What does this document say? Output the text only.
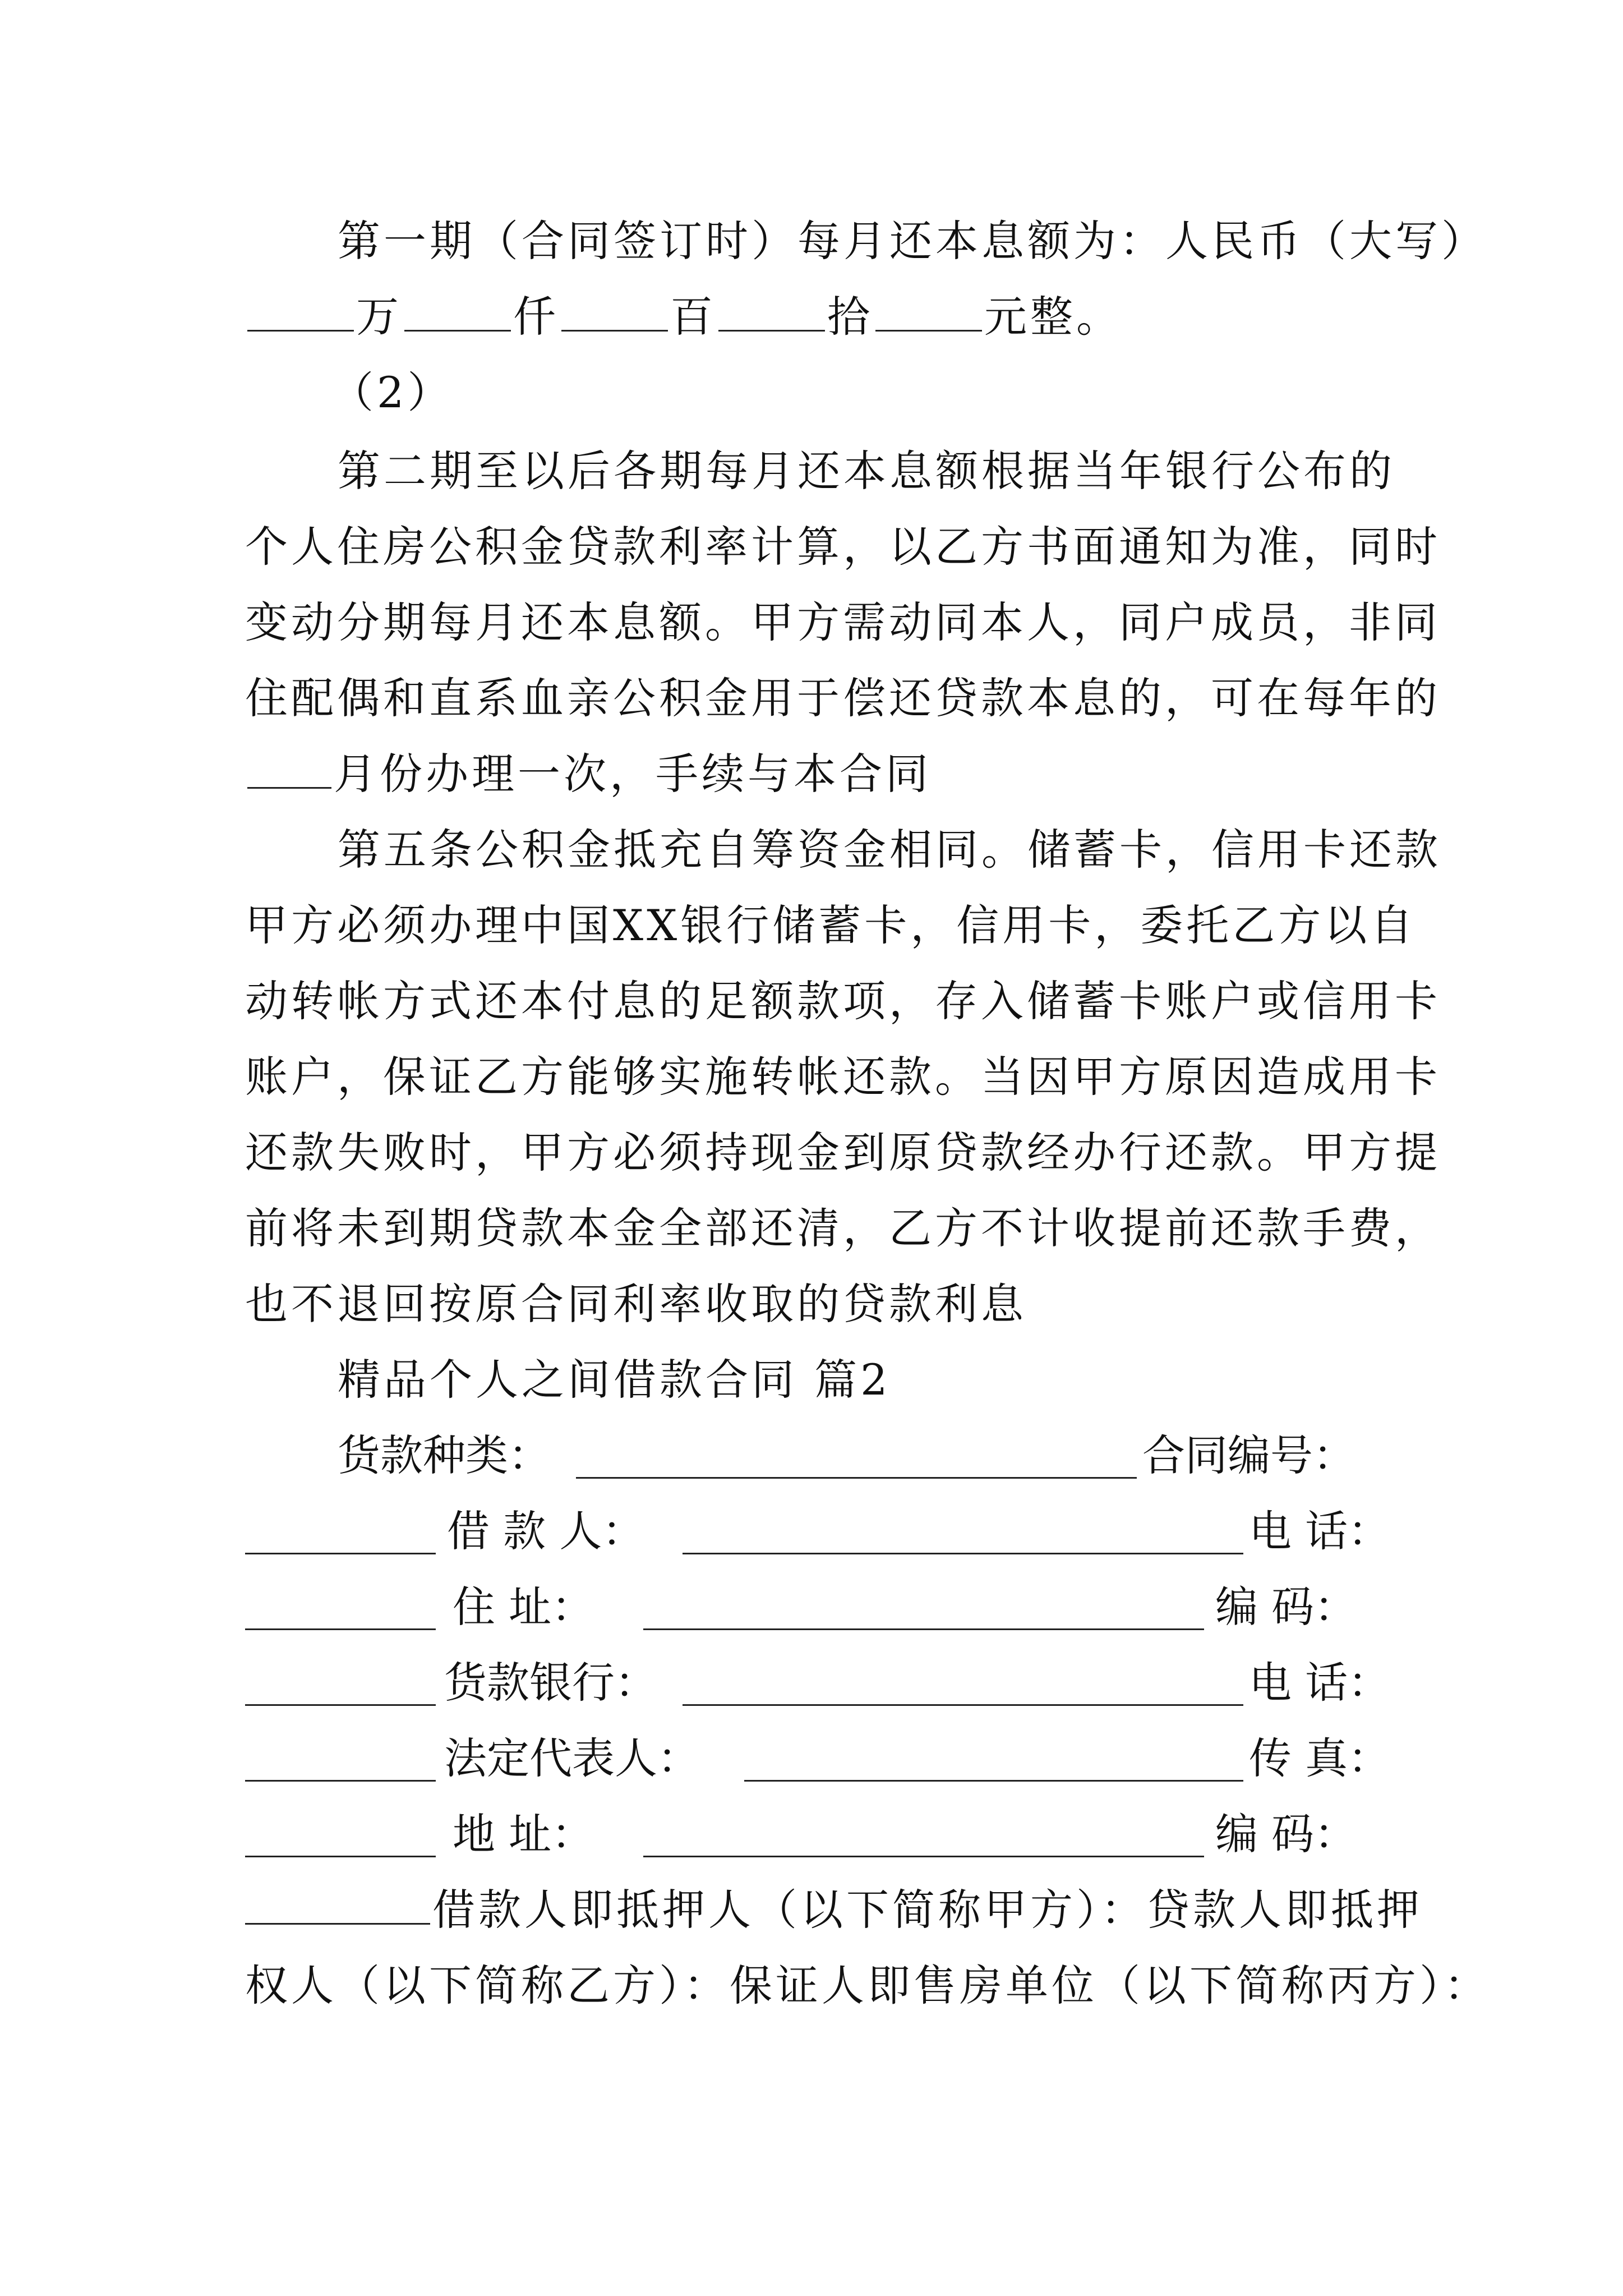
第一期（合同签订时）每月还本息额为：人民币（大写）
万	仟	百	拾	元整。
（2）
第二期至以后各期每月还本息额根据当年银行公布的
个人住房公积金贷款利率计算，以乙方书面通知为准，同时
变动分期每月还本息额。甲方需动同本人，同户成员，非同
住配偶和直系血亲公积金用于偿还贷款本息的，可在每年的
月份办理一次，手续与本合同
第五条公积金抵充自筹资金相同。储蓄卡，信用卡还款
甲方必须办理中国XX银行储蓄卡，信用卡，委托乙方以自
动转帐方式还本付息的足额款项，存入储蓄卡账户或信用卡
账户，保证乙方能够实施转帐还款。当因甲方原因造成用卡
还款失败时，甲方必须持现金到原贷款经办行还款。甲方提
前将未到期贷款本金全部还清，乙方不计收提前还款手费，
也不退回按原合同利率收取的贷款利息
精品个人之间借款合同 篇2
货款种类：	合同编号：
借 款 人：	电 话：
住 址：	编 码：
货款银行：	电 话：
法定代表人：	传 真：
地 址：	编 码：
借款人即抵押人（以下简称甲方）：贷款人即抵押
权人（以下简称乙方）：保证人即售房单位（以下简称丙方）：
